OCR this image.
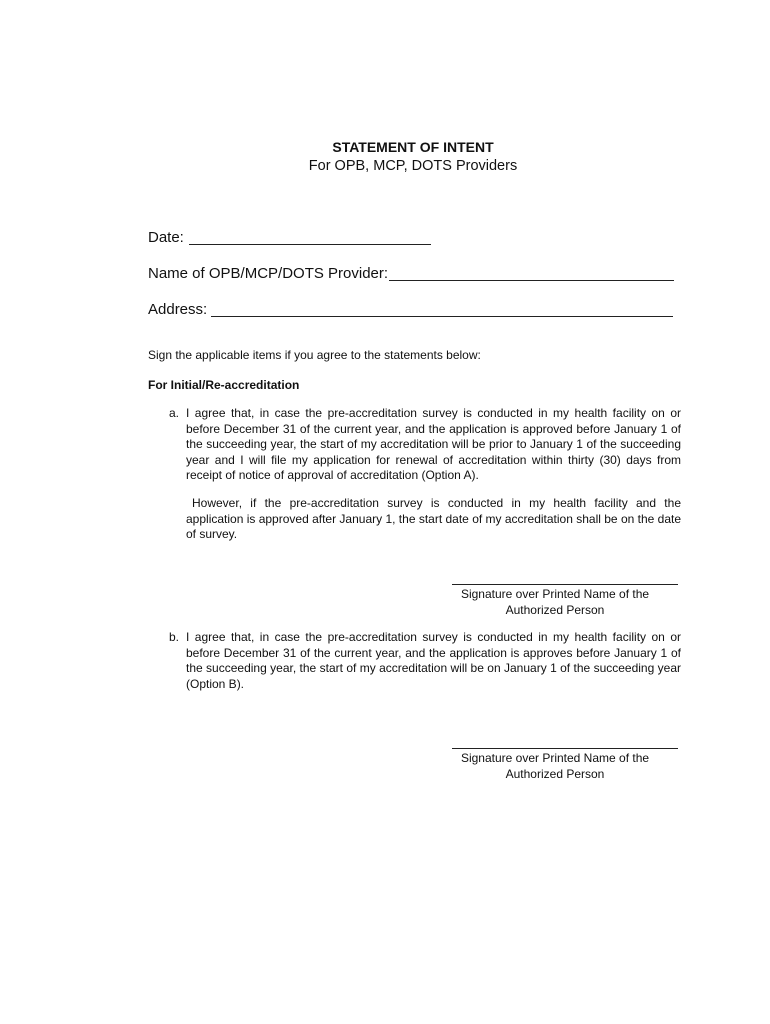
STATEMENT OF INTENT
For OPB, MCP, DOTS Providers
Date:
Name of OPB/MCP/DOTS Provider:
Address:
Sign the applicable items if you agree to the statements below:
For Initial/Re-accreditation
a. I agree that, in case the pre-accreditation survey is conducted in my health facility on or before December 31 of the current year, and the application is approved before January 1 of the succeeding year, the start of my accreditation will be prior to January 1 of the succeeding year and I will file my application for renewal of accreditation within thirty (30) days from receipt of notice of approval of accreditation (Option A).
However, if the pre-accreditation survey is conducted in my health facility and the application is approved after January 1, the start date of my accreditation shall be on the date of survey.
Signature over Printed Name of the
Authorized Person
b. I agree that, in case the pre-accreditation survey is conducted in my health facility on or before December 31 of the current year, and the application is approves before January 1 of the succeeding year, the start of my accreditation will be on January 1 of the succeeding year (Option B).
Signature over Printed Name of the
Authorized Person
